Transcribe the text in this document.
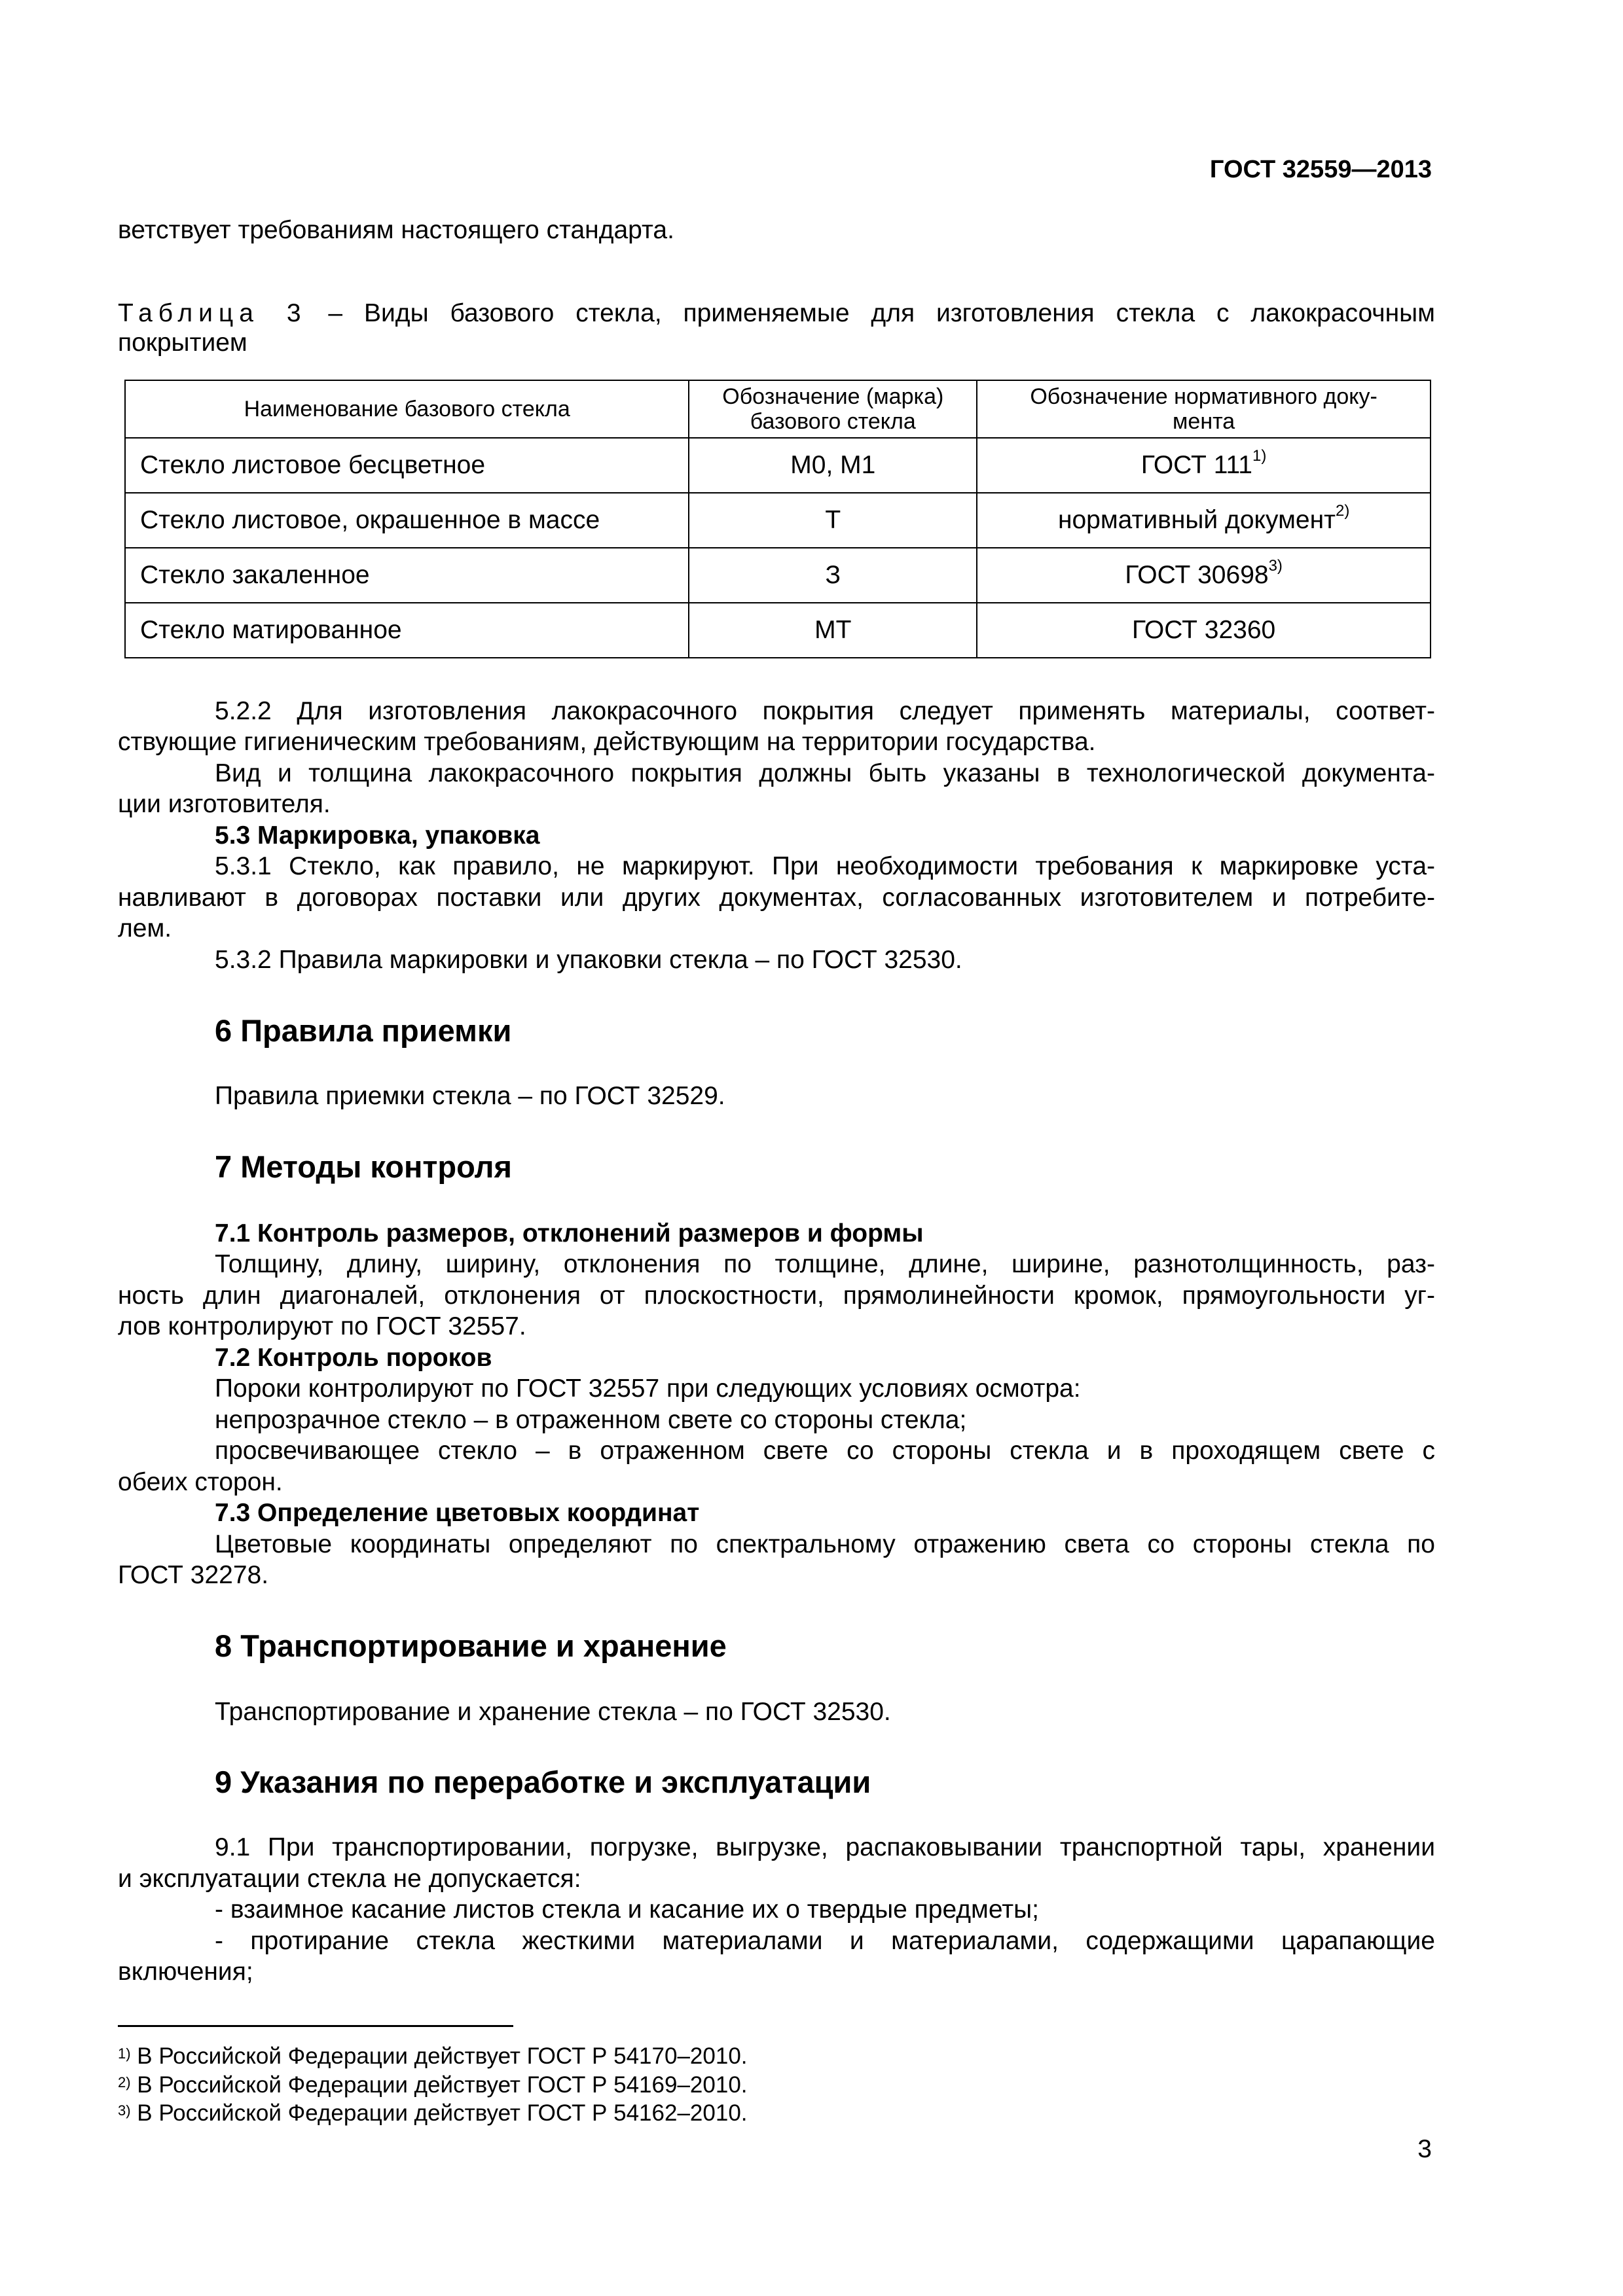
ГОСТ 32559—2013
ветствует требованиям настоящего стандарта.
Таблица 3 – Виды базового стекла, применяемые для изготовления стекла с лакокрасочным
покрытием
Наименование базового стекла	Обозначение (марка) базового стекла	Обозначение нормативного доку-мента
Стекло листовое бесцветное	М0, М1	ГОСТ 111$^{1)}$
Стекло листовое, окрашенное в массе	Т	нормативный документ$^{2)}$
Стекло закаленное	З	ГОСТ 30698$^{3)}$
Стекло матированное	МТ	ГОСТ 32360
5.2.2 Для изготовления лакокрасочного покрытия следует применять материалы, соответ-
ствующие гигиеническим требованиям, действующим на территории государства.
Вид и толщина лакокрасочного покрытия должны быть указаны в технологической документа-
ции изготовителя.
5.3 Маркировка, упаковка
5.3.1 Стекло, как правило, не маркируют. При необходимости требования к маркировке уста-
навливают в договорах поставки или других документах, согласованных изготовителем и потребите-
лем.
5.3.2 Правила маркировки и упаковки стекла – по ГОСТ 32530.
6 Правила приемки
Правила приемки стекла – по ГОСТ 32529.
7 Методы контроля
7.1 Контроль размеров, отклонений размеров и формы
Толщину, длину, ширину, отклонения по толщине, длине, ширине, разнотолщинность, раз-
ность длин диагоналей, отклонения от плоскостности, прямолинейности кромок, прямоугольности уг-
лов контролируют по ГОСТ 32557.
7.2 Контроль пороков
Пороки контролируют по ГОСТ 32557 при следующих условиях осмотра:
непрозрачное стекло – в отраженном свете со стороны стекла;
просвечивающее стекло – в отраженном свете со стороны стекла и в проходящем свете с
обеих сторон.
7.3 Определение цветовых координат
Цветовые координаты определяют по спектральному отражению света со стороны стекла по
ГОСТ 32278.
8 Транспортирование и хранение
Транспортирование и хранение стекла – по ГОСТ 32530.
9 Указания по переработке и эксплуатации
9.1 При транспортировании, погрузке, выгрузке, распаковывании транспортной тары, хранении
и эксплуатации стекла не допускается:
- взаимное касание листов стекла и касание их о твердые предметы;
- протирание стекла жесткими материалами и материалами, содержащими царапающие
включения;
$^{1)}$ В Российской Федерации действует ГОСТ Р 54170–2010.
$^{2)}$ В Российской Федерации действует ГОСТ Р 54169–2010.
$^{3)}$ В Российской Федерации действует ГОСТ Р 54162–2010.
3
